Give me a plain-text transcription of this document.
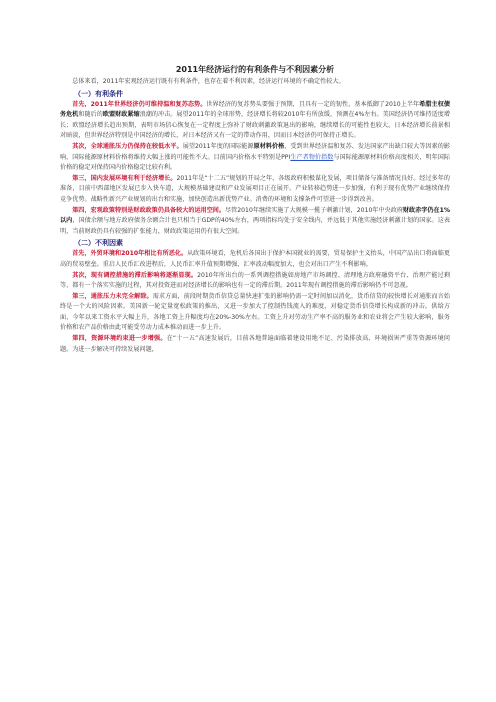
2011年经济运行的有利条件与不利因素分析

总体来看，2011年宏观经济运行既有有利条件，也存在着不利因素，经济运行环境的不确定性较大。

（一）有利条件

首先，2011年世界经济仍可维持温和复苏态势。世界经济的复苏势头要强于预期，且具有一定的韧性，基本抵御了2010上半年希腊主权债务危机和随后的欧盟财政紧缩浪潮的冲击。展望2011年的全球形势，经济增长将较2010年有所放缓，预测在4%左右。美国经济仍可维持适度增长；欧盟经济增长趋出预期，表明市场信心恢复在一定程度上弥补了财政刺激政策退出的影响，继续增长的可能性也较大。日本经济增长前景相对暗淡，但世界经济特别是中国经济的增长，对日本经济又有一定的带动作用，因而日本经济仍可保持正增长。

其次，全球通胀压力仍保持在较低水平。展望2011年度的国际能源原材料价格，受到世界经济温和复苏、发达国家产出缺口较大等因素的影响，国际能源原材料价格将维持大幅上涨的可能性不大。目前国内价格水平特别是PPI生产者物价指数与国际能源原材料价格高度相关，明年国际价格的稳定对保持国内价格稳定比较有利。

第三，国内发展环境有利于经济增长。2011年是“十二五”规划的开局之年，各级政府积极谋化发展，项目储备与准备情况良好。经过多年的准备，目前中西部地区发展已步入快车道，大规模基础建设和产业发展项目正在展开。产业转移趋势进一步加强，有利于现有优势产业继续保持竞争优势。战略性新兴产业规划的出台和实施，加快创造出新优势产业。消费的环境和支撑条件可望进一步得到改善。

第四，宏观政策特别是财政政策仍具备较大的运用空间。尽管2010年继续实施了大规模一揽子刺激计划，2010年中央政府财政赤字仍在1%以内，国债余额与地方政府债务余额合计也只相当于GDP的40%左右，两项指标均处于安全线内，并远低于其他实施经济刺激计划的国家。这表明，当前财政仍具有较强的扩张能力，财政政策运用仍有很大空间。

（二）不利因素

首先，外贸环境和2010年相比有所恶化。从政策环境看，危机后各国出于保护本国就业的需要，贸易保护主义抬头，中国产品出口将面临更高的贸易壁垒。重启人民币汇改进程后，人民币汇率升值预期增强，汇率波动幅度加大，也会对出口产生不利影响。

其次，现有调控措施的滞后影响将逐渐显现。2010年所出台的一系列调控措施如房地产市场调控、清理地方政府融资平台、治理产能过剩等，都有一个落实实施的过程，其对投资进而对经济增长的影响也有一定的滞后期。2011年现有调控措施的滞后影响仍不可忽视。

第三，通胀压力未完全解除。需求方面，前段时期货币信贷总量快速扩张的影响仍需一定时间加以消化，货币信贷的较快增长对通胀而言始终是一个大的风险因素。美国新一轮定量宽松政策的推出，又进一步加大了控制热钱流入的难度，对稳定货币信贷增长构成新的冲击。供给方面，今年以来工资水平大幅上升，各地工资上升幅度均在20%-30%左右。工资上升对劳动生产率不高的服务业和农业将会产生较大影响，服务价格和农产品价格由此可能受劳动力成本推动而进一步上升。

第四，资源环境约束进一步增强。在“十一五”高速发展后，目前各地普遍面临着建设用地不足、污染排放高、环境损害严重等资源环境问题。为进一步解决可持续发展问题，
